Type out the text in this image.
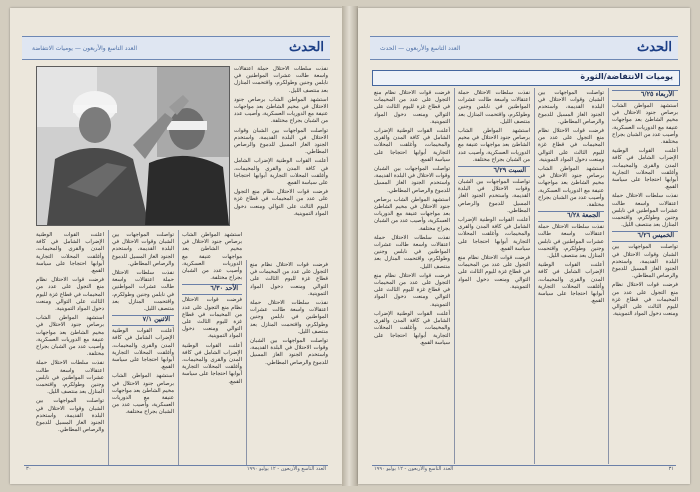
الحدث
العدد التاسع والأربعون — يوميات الانتفاضة

نفذت سلطات الاحتلال حملة اعتقالات واسعة طالت عشرات المواطنين في نابلس وجنين وطولكرم، واقتحمت المنازل بعد منتصف الليل.

استشهد المواطن الشاب برصاص جنود الاحتلال في مخيم الشاطئ بعد مواجهات عنيفة مع الدوريات العسكرية، وأصيب عدد من الشبان بجراح مختلفة.

تواصلت المواجهات بين الشبان وقوات الاحتلال في البلدة القديمة، واستخدم الجنود الغاز المسيل للدموع والرصاص المطاطي.

أعلنت القوات الوطنية الإضراب الشامل في كافة المدن والقرى والمخيمات، وأغلقت المحلات التجارية أبوابها احتجاجا على سياسة القمع.

فرضت قوات الاحتلال نظام منع التجول على عدد من المخيمات في قطاع غزة لليوم الثالث على التوالي ومنعت دخول المواد التموينية.

أعلنت القوات الوطنية الإضراب الشامل في كافة المدن والقرى والمخيمات، وأغلقت المحلات التجارية أبوابها احتجاجا على سياسة القمع.

فرضت قوات الاحتلال نظام منع التجول على عدد من المخيمات في قطاع غزة لليوم الثالث على التوالي ومنعت دخول المواد التموينية.

استشهد المواطن الشاب برصاص جنود الاحتلال في مخيم الشاطئ بعد مواجهات عنيفة مع الدوريات العسكرية، وأصيب عدد من الشبان بجراح مختلفة.

نفذت سلطات الاحتلال حملة اعتقالات واسعة طالت عشرات المواطنين في نابلس وجنين وطولكرم، واقتحمت المنازل بعد منتصف الليل.

تواصلت المواجهات بين الشبان وقوات الاحتلال في البلدة القديمة، واستخدم الجنود الغاز المسيل للدموع والرصاص المطاطي.

تواصلت المواجهات بين الشبان وقوات الاحتلال في البلدة القديمة، واستخدم الجنود الغاز المسيل للدموع والرصاص المطاطي.

نفذت سلطات الاحتلال حملة اعتقالات واسعة طالت عشرات المواطنين في نابلس وجنين وطولكرم، واقتحمت المنازل بعد منتصف الليل.

الاثنين ٧/١

أعلنت القوات الوطنية الإضراب الشامل في كافة المدن والقرى والمخيمات، وأغلقت المحلات التجارية أبوابها احتجاجا على سياسة القمع.

استشهد المواطن الشاب برصاص جنود الاحتلال في مخيم الشاطئ بعد مواجهات عنيفة مع الدوريات العسكرية، وأصيب عدد من الشبان بجراح مختلفة.

استشهد المواطن الشاب برصاص جنود الاحتلال في مخيم الشاطئ بعد مواجهات عنيفة مع الدوريات العسكرية، وأصيب عدد من الشبان بجراح مختلفة.

الأحد ٦/٣٠

فرضت قوات الاحتلال نظام منع التجول على عدد من المخيمات في قطاع غزة لليوم الثالث على التوالي ومنعت دخول المواد التموينية.

أعلنت القوات الوطنية الإضراب الشامل في كافة المدن والقرى والمخيمات، وأغلقت المحلات التجارية أبوابها احتجاجا على سياسة القمع.

فرضت قوات الاحتلال نظام منع التجول على عدد من المخيمات في قطاع غزة لليوم الثالث على التوالي ومنعت دخول المواد التموينية.

نفذت سلطات الاحتلال حملة اعتقالات واسعة طالت عشرات المواطنين في نابلس وجنين وطولكرم، واقتحمت المنازل بعد منتصف الليل.

تواصلت المواجهات بين الشبان وقوات الاحتلال في البلدة القديمة، واستخدم الجنود الغاز المسيل للدموع والرصاص المطاطي.

٣٠	العدد التاسع والأربعون - ١٢ يوليو ١٩٩٠
الحدث
العدد التاسع والأربعون — الحدث
يوميات الانتفاضة/الثورة

فرضت قوات الاحتلال نظام منع التجول على عدد من المخيمات في قطاع غزة لليوم الثالث على التوالي ومنعت دخول المواد التموينية.

أعلنت القوات الوطنية الإضراب الشامل في كافة المدن والقرى والمخيمات، وأغلقت المحلات التجارية أبوابها احتجاجا على سياسة القمع.

تواصلت المواجهات بين الشبان وقوات الاحتلال في البلدة القديمة، واستخدم الجنود الغاز المسيل للدموع والرصاص المطاطي.

استشهد المواطن الشاب برصاص جنود الاحتلال في مخيم الشاطئ بعد مواجهات عنيفة مع الدوريات العسكرية، وأصيب عدد من الشبان بجراح مختلفة.

نفذت سلطات الاحتلال حملة اعتقالات واسعة طالت عشرات المواطنين في نابلس وجنين وطولكرم، واقتحمت المنازل بعد منتصف الليل.

فرضت قوات الاحتلال نظام منع التجول على عدد من المخيمات في قطاع غزة لليوم الثالث على التوالي ومنعت دخول المواد التموينية.

أعلنت القوات الوطنية الإضراب الشامل في كافة المدن والقرى والمخيمات، وأغلقت المحلات التجارية أبوابها احتجاجا على سياسة القمع.

نفذت سلطات الاحتلال حملة اعتقالات واسعة طالت عشرات المواطنين في نابلس وجنين وطولكرم، واقتحمت المنازل بعد منتصف الليل.

استشهد المواطن الشاب برصاص جنود الاحتلال في مخيم الشاطئ بعد مواجهات عنيفة مع الدوريات العسكرية، وأصيب عدد من الشبان بجراح مختلفة.

السبت ٦/٢٩

تواصلت المواجهات بين الشبان وقوات الاحتلال في البلدة القديمة، واستخدم الجنود الغاز المسيل للدموع والرصاص المطاطي.

أعلنت القوات الوطنية الإضراب الشامل في كافة المدن والقرى والمخيمات، وأغلقت المحلات التجارية أبوابها احتجاجا على سياسة القمع.

فرضت قوات الاحتلال نظام منع التجول على عدد من المخيمات في قطاع غزة لليوم الثالث على التوالي ومنعت دخول المواد التموينية.

تواصلت المواجهات بين الشبان وقوات الاحتلال في البلدة القديمة، واستخدم الجنود الغاز المسيل للدموع والرصاص المطاطي.

فرضت قوات الاحتلال نظام منع التجول على عدد من المخيمات في قطاع غزة لليوم الثالث على التوالي ومنعت دخول المواد التموينية.

استشهد المواطن الشاب برصاص جنود الاحتلال في مخيم الشاطئ بعد مواجهات عنيفة مع الدوريات العسكرية، وأصيب عدد من الشبان بجراح مختلفة.

الجمعة ٦/٢٨

نفذت سلطات الاحتلال حملة اعتقالات واسعة طالت عشرات المواطنين في نابلس وجنين وطولكرم، واقتحمت المنازل بعد منتصف الليل.

أعلنت القوات الوطنية الإضراب الشامل في كافة المدن والقرى والمخيمات، وأغلقت المحلات التجارية أبوابها احتجاجا على سياسة القمع.

الأربعاء ٦/٢٥

استشهد المواطن الشاب برصاص جنود الاحتلال في مخيم الشاطئ بعد مواجهات عنيفة مع الدوريات العسكرية، وأصيب عدد من الشبان بجراح مختلفة.

أعلنت القوات الوطنية الإضراب الشامل في كافة المدن والقرى والمخيمات، وأغلقت المحلات التجارية أبوابها احتجاجا على سياسة القمع.

نفذت سلطات الاحتلال حملة اعتقالات واسعة طالت عشرات المواطنين في نابلس وجنين وطولكرم، واقتحمت المنازل بعد منتصف الليل.

الخميس ٦/٢٦

تواصلت المواجهات بين الشبان وقوات الاحتلال في البلدة القديمة، واستخدم الجنود الغاز المسيل للدموع والرصاص المطاطي.

فرضت قوات الاحتلال نظام منع التجول على عدد من المخيمات في قطاع غزة لليوم الثالث على التوالي ومنعت دخول المواد التموينية.

العدد التاسع والأربعون - ١٢ يوليو ١٩٩٠	٣١
